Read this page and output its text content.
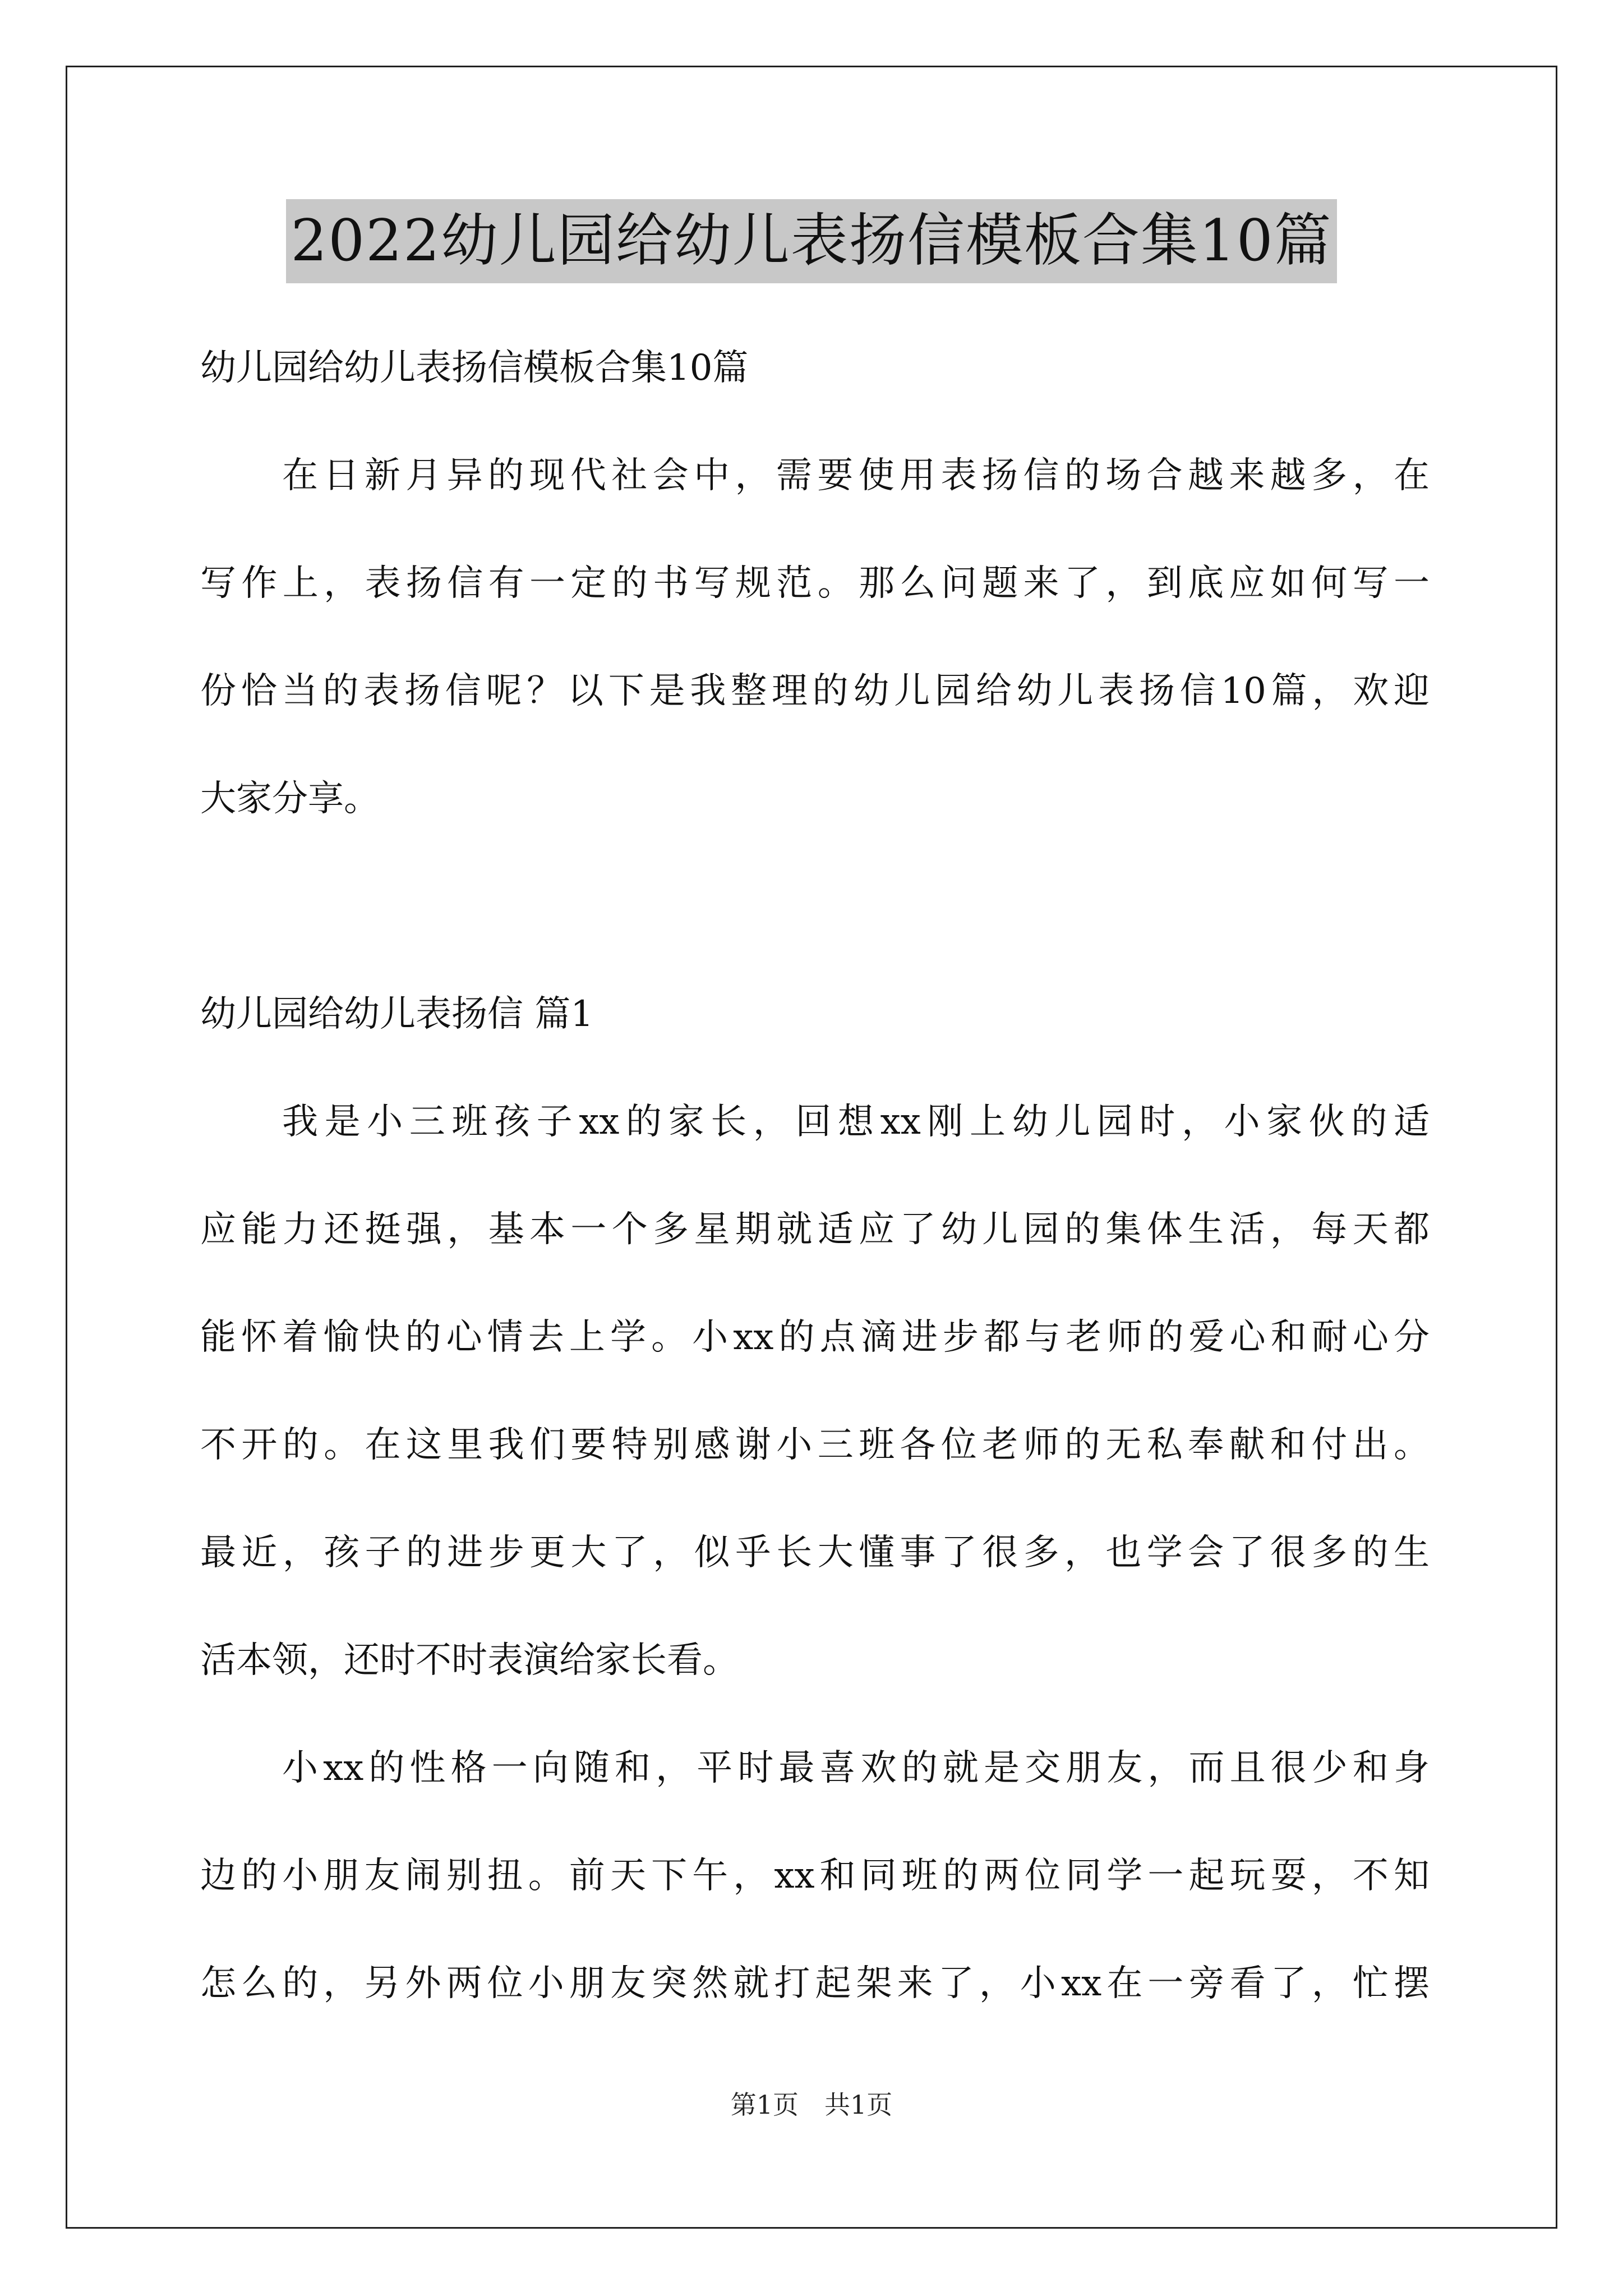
2022幼儿园给幼儿表扬信模板合集10篇
幼儿园给幼儿表扬信模板合集10篇
在日新月异的现代社会中，需要使用表扬信的场合越来越多，在
写作上，表扬信有一定的书写规范。那么问题来了，到底应如何写一
份恰当的表扬信呢？以下是我整理的幼儿园给幼儿表扬信10篇，欢迎
大家分享。
幼儿园给幼儿表扬信 篇1
我是小三班孩子xx的家长，回想xx刚上幼儿园时，小家伙的适
应能力还挺强，基本一个多星期就适应了幼儿园的集体生活，每天都
能怀着愉快的心情去上学。小xx的点滴进步都与老师的爱心和耐心分
不开的。在这里我们要特别感谢小三班各位老师的无私奉献和付出。
最近，孩子的进步更大了，似乎长大懂事了很多，也学会了很多的生
活本领，还时不时表演给家长看。
小xx的性格一向随和，平时最喜欢的就是交朋友，而且很少和身
边的小朋友闹别扭。前天下午，xx和同班的两位同学一起玩耍，不知
怎么的，另外两位小朋友突然就打起架来了，小xx在一旁看了，忙摆
第1页　共1页
